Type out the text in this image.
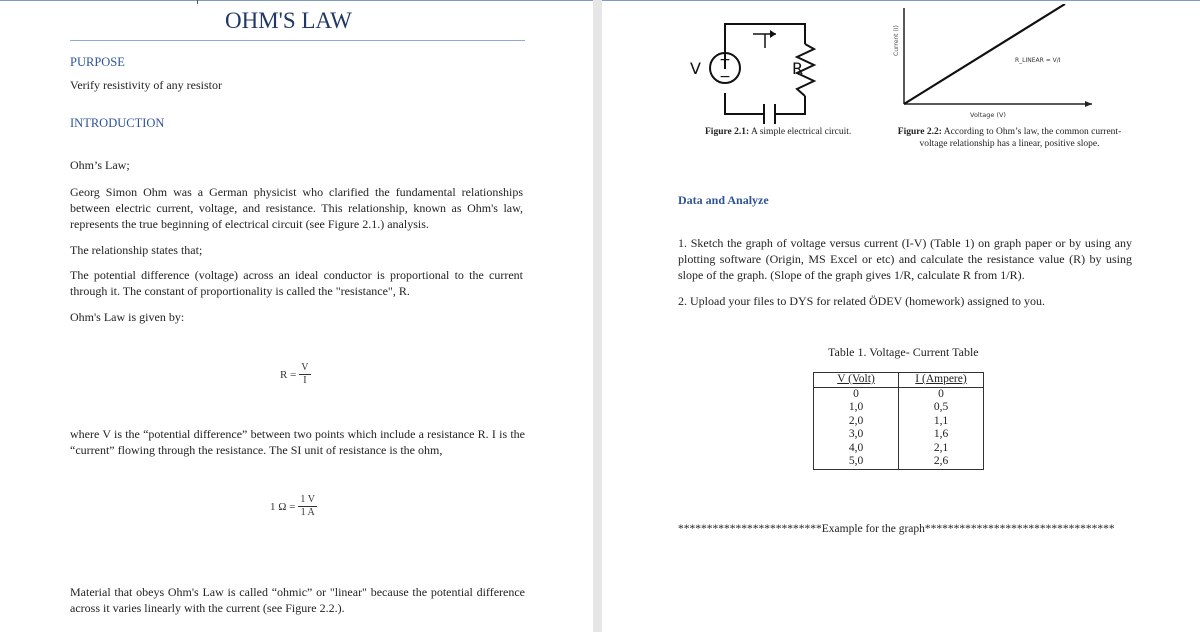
OHM'S LAW
PURPOSE
Verify resistivity of any resistor
INTRODUCTION
Ohm’s Law;
Georg Simon Ohm was a German physicist who clarified the fundamental relationships between electric current, voltage, and resistance. This relationship, known as Ohm's law, represents the true beginning of electrical circuit (see Figure 2.1.) analysis.
The relationship states that;
The potential difference (voltage) across an ideal conductor is proportional to the current through it. The constant of proportionality is called the "resistance", R.
Ohm's Law is given by:
$R = \frac{V}{I}$
where V is the “potential difference” between two points which include a resistance R. I is the “current” flowing through the resistance. The SI unit of resistance is the ohm,
1 $\Omega = \frac{1 V}{1 A}$
Material that obeys Ohm's Law is called “ohmic” or "linear" because the potential difference across it varies linearly with the current (see Figure 2.2.).
+
−
V	R
Figure 2.1: A simple electrical circuit.
Current (I)
Voltage (V)
R_LINEAR = V/I
Figure 2.2: According to Ohm’s law, the common current-voltage relationship has a linear, positive slope.
Data and Analyze
1. Sketch the graph of voltage versus current (I-V) (Table 1) on graph paper or by using any plotting software (Origin, MS Excel or etc) and calculate the resistance value (R) by using slope of the graph. (Slope of the graph gives 1/R, calculate R from 1/R).
2. Upload your files to DYS for related ÖDEV (homework) assigned to you.
Table 1. Voltage- Current Table
V (Volt)	I (Ampere)
0	0
1,0	0,5
2,0	1,1
3,0	1,6
4,0	2,1
5,0	2,6
*************************Example for the graph*********************************
